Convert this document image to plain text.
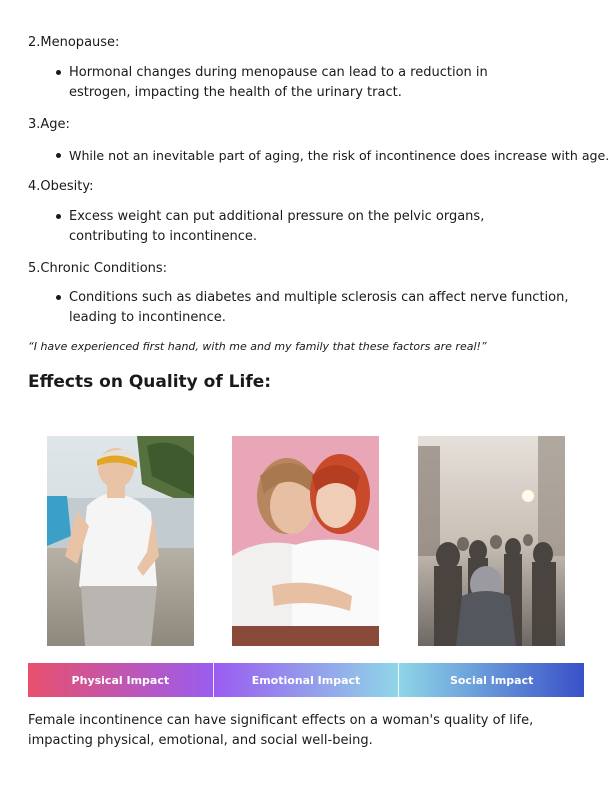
2.Menopause:
Hormonal changes during menopause can lead to a reduction in estrogen, impacting the health of the urinary tract.
3.Age:
While not an inevitable part of aging, the risk of incontinence does increase with age.
4.Obesity:
Excess weight can put additional pressure on the pelvic organs, contributing to incontinence.
5.Chronic Conditions:
Conditions such as diabetes and multiple sclerosis can affect nerve function, leading to incontinence.
“I have experienced first hand, with me and my family that these factors are real!”
Effects on Quality of Life:
Physical Impact	Emotional Impact	Social Impact
Female incontinence can have significant effects on a woman's quality of life, impacting physical, emotional, and social well-being.
